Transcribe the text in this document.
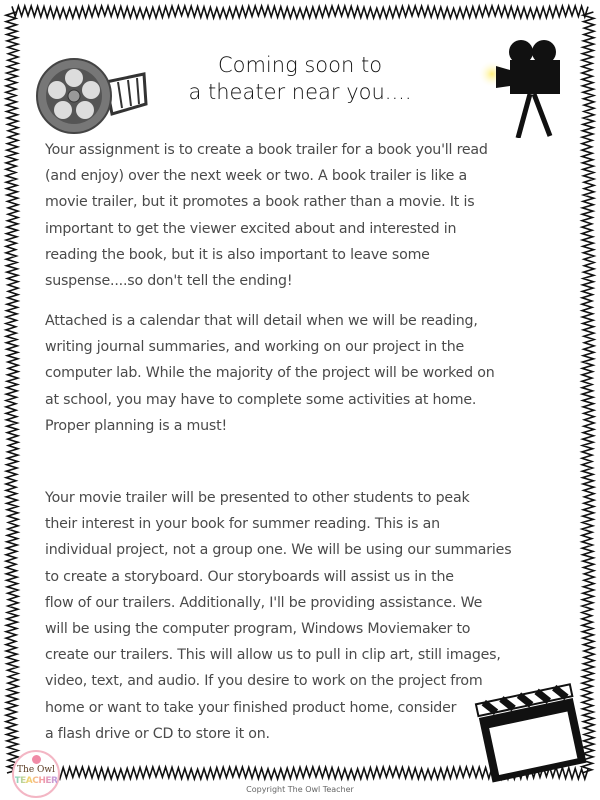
Coming soon to
a theater near you....
Your assignment is to create a book trailer for a book you'll read
(and enjoy) over the next week or two. A book trailer is like a
movie trailer, but it promotes a book rather than a movie. It is
important to get the viewer excited about and interested in
reading the book, but it is also important to leave some
suspense....so don't tell the ending!
Attached is a calendar that will detail when we will be reading,
writing journal summaries, and working on our project in the
computer lab. While the majority of the project will be worked on
at school, you may have to complete some activities at home.
Proper planning is a must!
Your movie trailer will be presented to other students to peak
their interest in your book for summer reading. This is an
individual project, not a group one. We will be using our summaries
to create a storyboard. Our storyboards will assist us in the
flow of our trailers. Additionally, I'll be providing assistance. We
will be using the computer program, Windows Moviemaker to
create our trailers. This will allow us to pull in clip art, still images,
video, text, and audio. If you desire to work on the project from
home or want to take your finished product home, consider
a flash drive or CD to store it on.
The Owl
TEACHER
Copyright The Owl Teacher
